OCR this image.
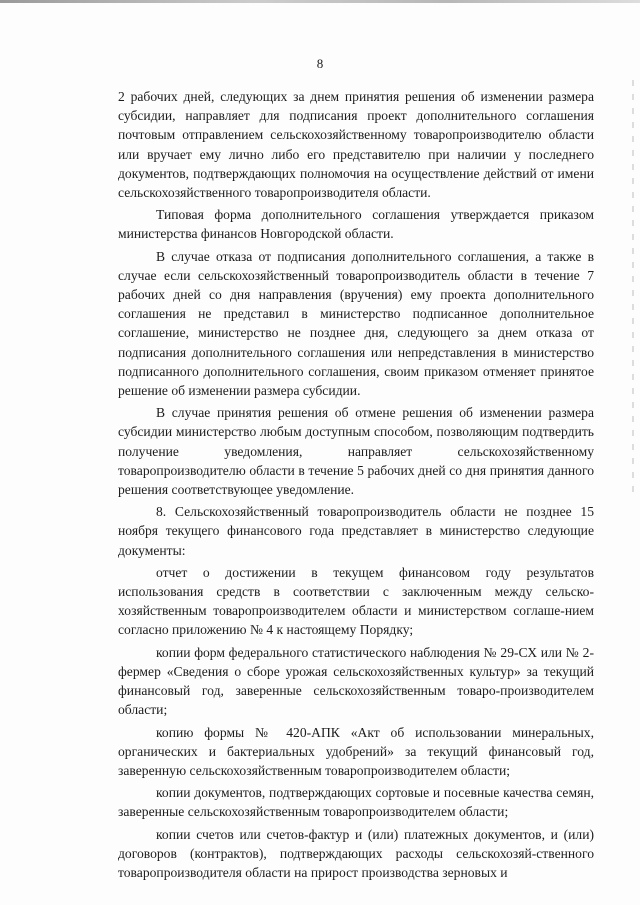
8

2 рабочих дней, следующих за днем принятия решения об изменении размера субсидии, направляет для подписания проект дополнительного соглашения почтовым отправлением сельскохозяйственному товаропроизводителю области или вручает ему лично либо его представителю при наличии у последнего документов, подтверждающих полномочия на осуществление действий от имени сельскохозяйственного товаропроизводителя области.

Типовая форма дополнительного соглашения утверждается приказом министерства финансов Новгородской области.

В случае отказа от подписания дополнительного соглашения, а также в случае если сельскохозяйственный товаропроизводитель области в течение 7 рабочих дней со дня направления (вручения) ему проекта дополнительного соглашения не представил в министерство подписанное дополнительное соглашение, министерство не позднее дня, следующего за днем отказа от подписания дополнительного соглашения или непредставления в министерство подписанного дополнительного соглашения, своим приказом отменяет принятое решение об изменении размера субсидии.

В случае принятия решения об отмене решения об изменении размера субсидии министерство любым доступным способом, позволяющим подтвердить получение уведомления, направляет сельскохозяйственному товаропроизводителю области в течение 5 рабочих дней со дня принятия данного решения соответствующее уведомление.

8. Сельскохозяйственный товаропроизводитель области не позднее 15 ноября текущего финансового года представляет в министерство следующие документы:

отчет о достижении в текущем финансовом году результатов использования средств в соответствии с заключенным между сельско-хозяйственным товаропроизводителем области и министерством соглаше-нием согласно приложению № 4 к настоящему Порядку;

копии форм федерального статистического наблюдения № 29-СХ или № 2-фермер «Сведения о сборе урожая сельскохозяйственных культур» за текущий финансовый год, заверенные сельскохозяйственным товаро-производителем области;

копию формы № 420-АПК «Акт об использовании минеральных, органических и бактериальных удобрений» за текущий финансовый год, заверенную сельскохозяйственным товаропроизводителем области;

копии документов, подтверждающих сортовые и посевные качества семян, заверенные сельскохозяйственным товаропроизводителем области;

копии счетов или счетов-фактур и (или) платежных документов, и (или) договоров (контрактов), подтверждающих расходы сельскохозяй-ственного товаропроизводителя области на прирост производства зерновых и
